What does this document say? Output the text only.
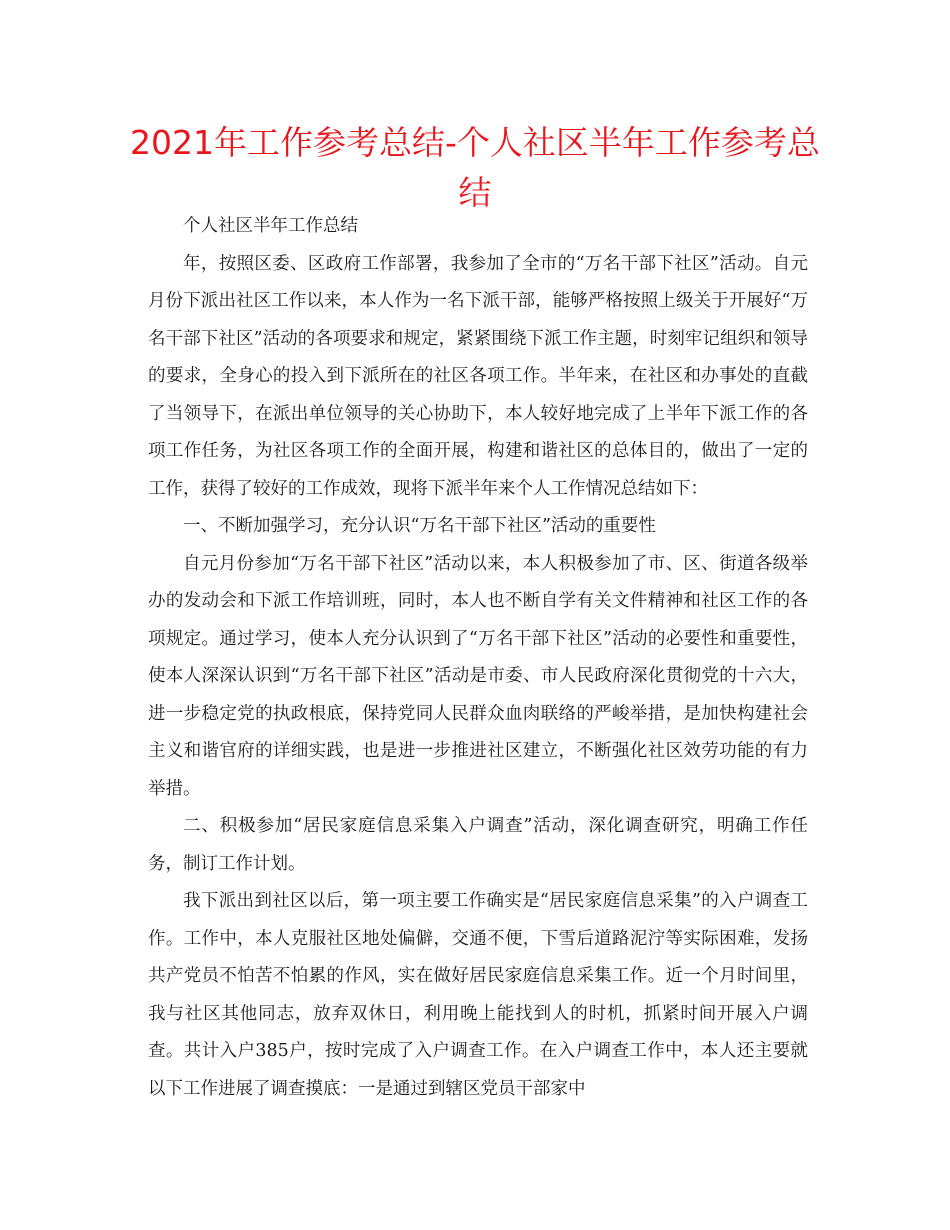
2021年工作参考总结-个人社区半年工作参考总结

个人社区半年工作总结

年，按照区委、区政府工作部署，我参加了全市的“万名干部下社区”活动。自元月份下派出社区工作以来，本人作为一名下派干部，能够严格按照上级关于开展好“万名干部下社区”活动的各项要求和规定，紧紧围绕下派工作主题，时刻牢记组织和领导的要求，全身心的投入到下派所在的社区各项工作。半年来，在社区和办事处的直截了当领导下，在派出单位领导的关心协助下，本人较好地完成了上半年下派工作的各项工作任务，为社区各项工作的全面开展，构建和谐社区的总体目的，做出了一定的工作，获得了较好的工作成效，现将下派半年来个人工作情况总结如下：

一、不断加强学习，充分认识“万名干部下社区”活动的重要性

自元月份参加“万名干部下社区”活动以来，本人积极参加了市、区、街道各级举办的发动会和下派工作培训班，同时，本人也不断自学有关文件精神和社区工作的各项规定。通过学习，使本人充分认识到了“万名干部下社区”活动的必要性和重要性，使本人深深认识到“万名干部下社区”活动是市委、市人民政府深化贯彻党的十六大，进一步稳定党的执政根底，保持党同人民群众血肉联络的严峻举措，是加快构建社会主义和谐官府的详细实践，也是进一步推进社区建立，不断强化社区效劳功能的有力举措。

二、积极参加“居民家庭信息采集入户调查”活动，深化调查研究，明确工作任务，制订工作计划。

我下派出到社区以后，第一项主要工作确实是“居民家庭信息采集”的入户调查工作。工作中，本人克服社区地处偏僻，交通不便，下雪后道路泥泞等实际困难，发扬共产党员不怕苦不怕累的作风，实在做好居民家庭信息采集工作。近一个月时间里，我与社区其他同志，放弃双休日，利用晚上能找到人的时机，抓紧时间开展入户调查。共计入户385户，按时完成了入户调查工作。在入户调查工作中，本人还主要就以下工作进展了调查摸底：一是通过到辖区党员干部家中
